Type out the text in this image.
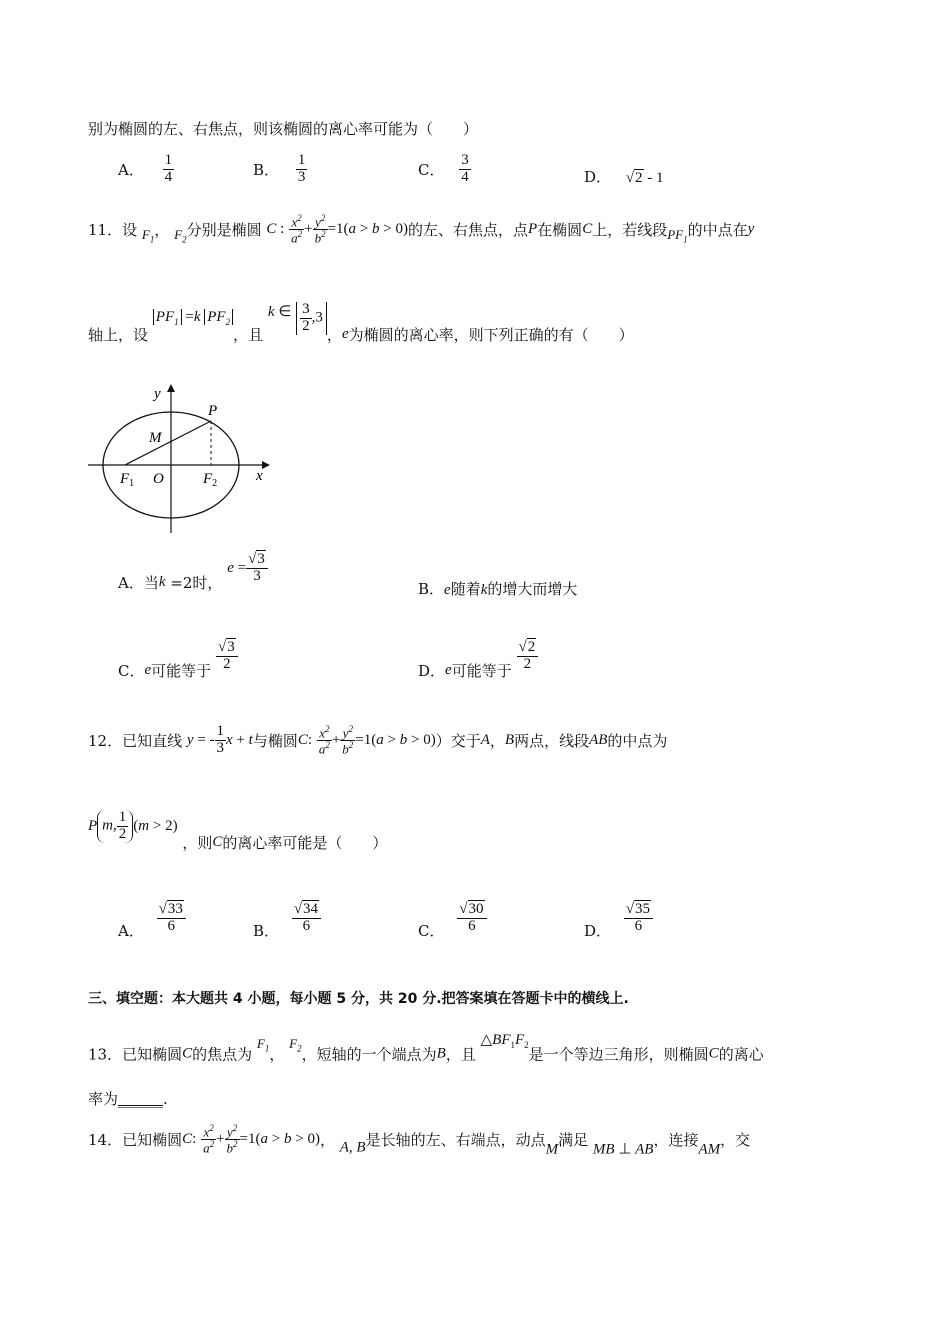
别为椭圆的左、右焦点，则该椭圆的离心率可能为（　　）
A． $\frac{1}{4}$	B． $\frac{1}{3}$	C． $\frac{3}{4}$	D． √2 - 1
11．设 $F_1$， $F_2$分别是椭圆 C : $\frac{x^2}{a^2} + \frac{y^2}{b^2} =1(a > b > 0)$的左、右焦点，点P在椭圆C上，若线段$PF_1$的中点在y
轴上，设 $PF_1 =k$ $PF_2$，且 k ∈ $\frac{3}{2} ,3$，e为椭圆的离心率，则下列正确的有（　　）
y
x
P
M
$F_1$ O	$F_2$
A．当k =2时， $e = \frac{√3}{3}$
B．e随着k的增大而增大
C．e可能等于 $\frac{√3}{2}$	D．e可能等于 $\frac{√2}{2}$
12．已知直线 y = - $\frac{1}{3}$ x + t与椭圆C: $\frac{x^2}{a^2} + \frac{y^2}{b^2} =1(a > b > 0)$）交于A，B两点，线段AB的中点为
P m, $\frac{1}{2} (m > 2)$ ，则C的离心率可能是（　　）
A． $\frac{√33}{6}$	B． $\frac{√34}{6}$	C． $\frac{√30}{6}$	D． $\frac{√35}{6}$
三、填空题：本大题共 4 小题，每小题 5 分，共 20 分.把答案填在答题卡中的横线上.
13．已知椭圆C的焦点为 $F_1$， $F_2$，短轴的一个端点为B，且 $\triangle BF_1F_2$是一个等边三角形，则椭圆C的离心
率为______.
14．已知椭圆C: $\frac{x^2}{a^2} + \frac{y^2}{b^2} =1(a > b > 0)$， A, B是长轴的左、右端点，动点M满足 MB ⊥ AB，连接AM，交
